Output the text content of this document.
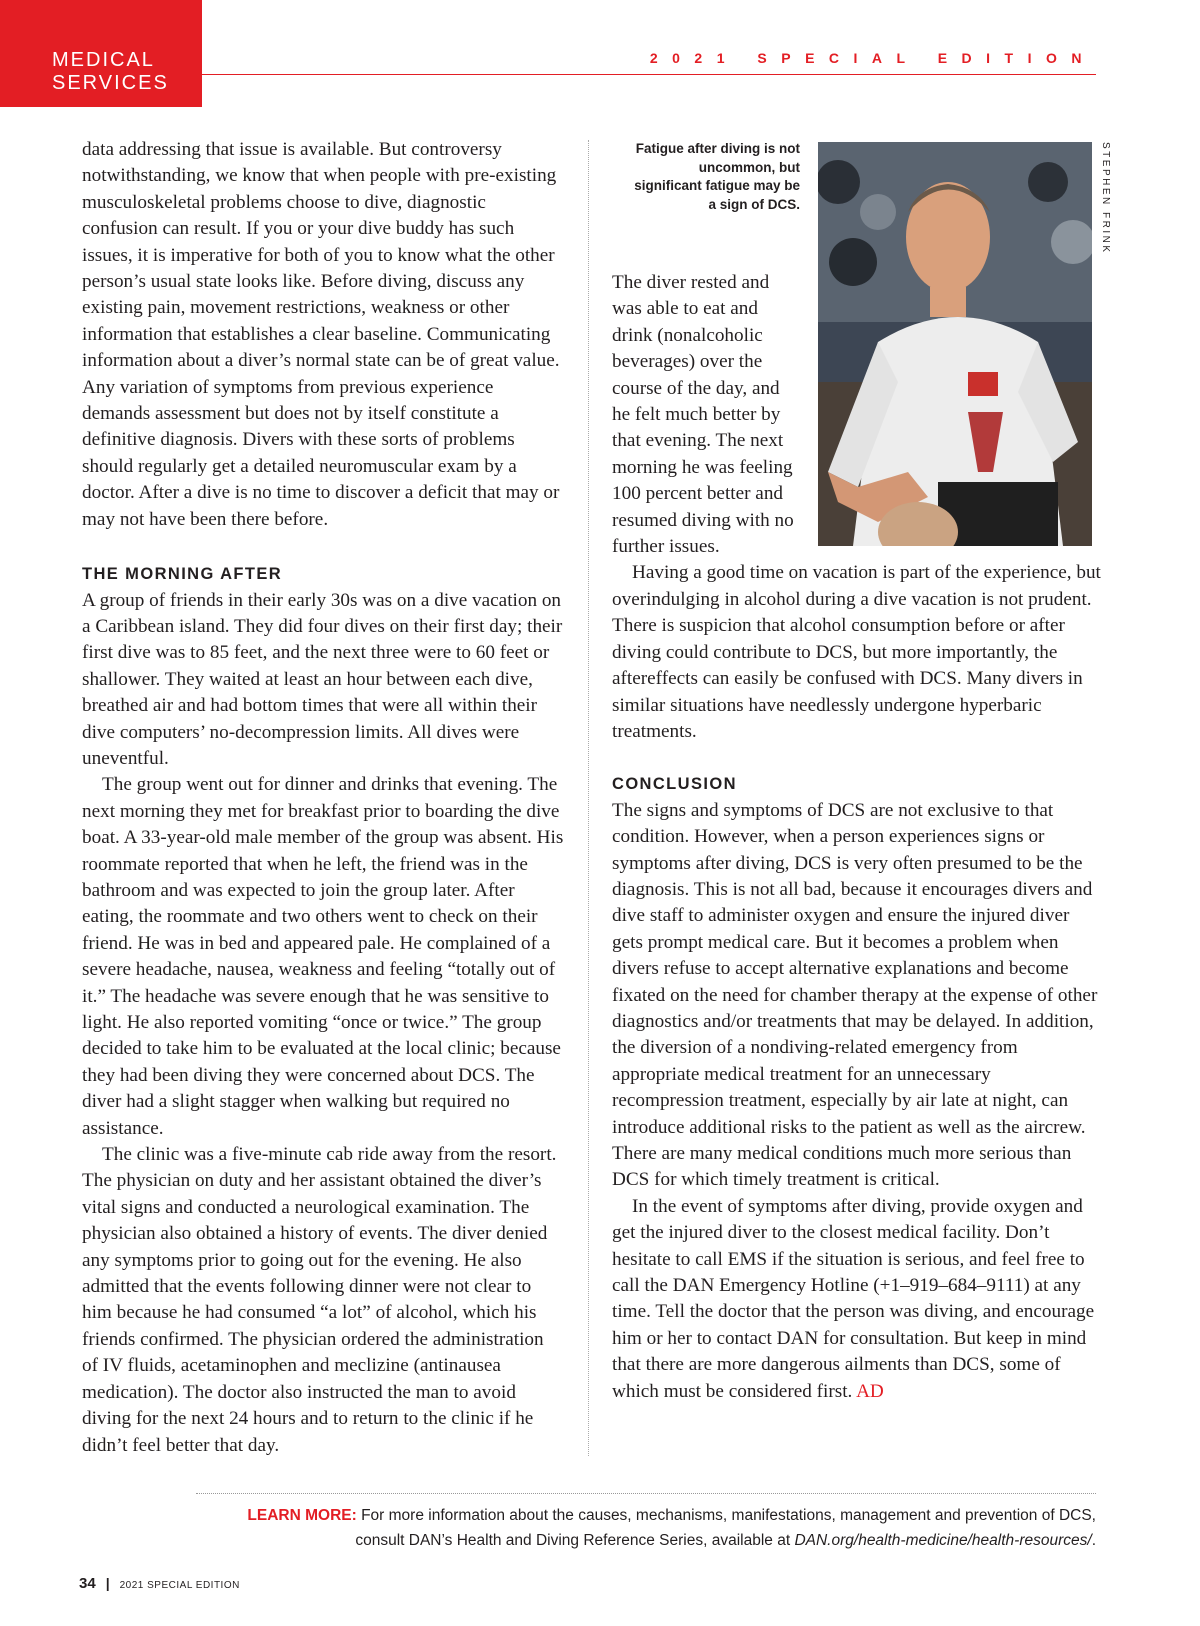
MEDICAL
SERVICES
2021 SPECIAL EDITION

data addressing that issue is available. But controversy notwithstanding, we know that when people with pre-existing musculoskeletal problems choose to dive, diagnostic confusion can result. If you or your dive buddy has such issues, it is imperative for both of you to know what the other person’s usual state looks like. Before diving, discuss any existing pain, movement restrictions, weakness or other information that establishes a clear baseline. Communicating information about a diver’s normal state can be of great value. Any variation of symptoms from previous experience demands assessment but does not by itself constitute a definitive diagnosis. Divers with these sorts of problems should regularly get a detailed neuromuscular exam by a doctor. After a dive is no time to discover a deficit that may or may not have been there before.

THE MORNING AFTER

A group of friends in their early 30s was on a dive vacation on a Caribbean island. They did four dives on their first day; their first dive was to 85 feet, and the next three were to 60 feet or shallower. They waited at least an hour between each dive, breathed air and had bottom times that were all within their dive computers’ no-decompression limits. All dives were uneventful.

The group went out for dinner and drinks that evening. The next morning they met for breakfast prior to boarding the dive boat. A 33-year-old male member of the group was absent. His roommate reported that when he left, the friend was in the bathroom and was expected to join the group later. After eating, the roommate and two others went to check on their friend. He was in bed and appeared pale. He complained of a severe headache, nausea, weakness and feeling “totally out of it.” The headache was severe enough that he was sensitive to light. He also reported vomiting “once or twice.” The group decided to take him to be evaluated at the local clinic; because they had been diving they were concerned about DCS. The diver had a slight stagger when walking but required no assistance.

The clinic was a five-minute cab ride away from the resort. The physician on duty and her assistant obtained the diver’s vital signs and conducted a neurological examination. The physician also obtained a history of events. The diver denied any symptoms prior to going out for the evening. He also admitted that the events following dinner were not clear to him because he had consumed “a lot” of alcohol, which his friends confirmed. The physician ordered the administration of IV fluids, acetaminophen and meclizine (antinausea medication). The doctor also instructed the man to avoid diving for the next 24 hours and to return to the clinic if he didn’t feel better that day.

Fatigue after diving is not uncommon, but significant fatigue may be a sign of DCS.	STEPHEN FRINK

The diver rested and was able to eat and drink (nonalcoholic beverages) over the course of the day, and he felt much better by that evening. The next morning he was feeling 100 percent better and resumed diving with no further issues.

Having a good time on vacation is part of the experience, but overindulging in alcohol during a dive vacation is not prudent. There is suspicion that alcohol consumption before or after diving could contribute to DCS, but more importantly, the aftereffects can easily be confused with DCS. Many divers in similar situations have needlessly undergone hyperbaric treatments.

CONCLUSION

The signs and symptoms of DCS are not exclusive to that condition. However, when a person experiences signs or symptoms after diving, DCS is very often presumed to be the diagnosis. This is not all bad, because it encourages divers and dive staff to administer oxygen and ensure the injured diver gets prompt medical care. But it becomes a problem when divers refuse to accept alternative explanations and become fixated on the need for chamber therapy at the expense of other diagnostics and/or treatments that may be delayed. In addition, the diversion of a nondiving-related emergency from appropriate medical treatment for an unnecessary recompression treatment, especially by air late at night, can introduce additional risks to the patient as well as the aircrew. There are many medical conditions much more serious than DCS for which timely treatment is critical.

In the event of symptoms after diving, provide oxygen and get the injured diver to the closest medical facility. Don’t hesitate to call EMS if the situation is serious, and feel free to call the DAN Emergency Hotline (+1–919–684–9111) at any time. Tell the doctor that the person was diving, and encourage him or her to contact DAN for consultation. But keep in mind that there are more dangerous ailments than DCS, some of which must be considered first. AD

LEARN MORE: For more information about the causes, mechanisms, manifestations, management and prevention of DCS, consult DAN’s Health and Diving Reference Series, available at DAN.org/health-medicine/health-resources/.
34 | 2021 SPECIAL EDITION
